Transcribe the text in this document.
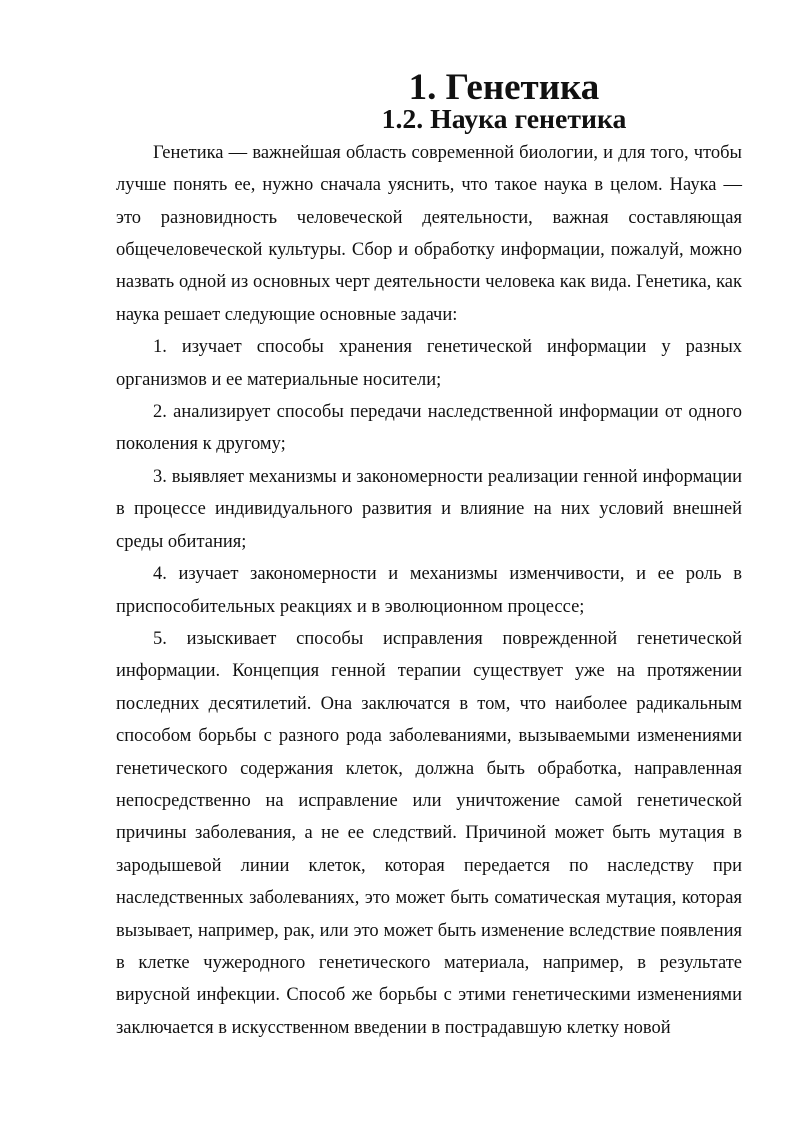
1. Генетика
1.2. Наука генетика

Генетика — важнейшая область современной биологии, и для того, чтобы лучше понять ее, нужно сначала уяснить, что такое наука в целом. Наука — это разновидность человеческой деятельности, важная составляющая общечеловеческой культуры. Сбор и обработку информации, пожалуй, можно назвать одной из основных черт деятельности человека как вида. Генетика, как наука решает следующие основные задачи:

1. изучает способы хранения генетической информации у разных организмов и ее материальные носители;

2. анализирует способы передачи наследственной информации от одного поколения к другому;

3. выявляет механизмы и закономерности реализации генной информации в процессе индивидуального развития и влияние на них условий внешней среды обитания;

4. изучает закономерности и механизмы изменчивости, и ее роль в приспособительных реакциях и в эволюционном процессе;

5. изыскивает способы исправления поврежденной генетической информации. Концепция генной терапии существует уже на протяжении последних десятилетий. Она заключатся в том, что наиболее радикальным способом борьбы с разного рода заболеваниями, вызываемыми изменениями генетического содержания клеток, должна быть обработка, направленная непосредственно на исправление или уничтожение самой генетической причины заболевания, а не ее следствий. Причиной может быть мутация в зародышевой линии клеток, которая передается по наследству при наследственных заболеваниях, это может быть соматическая мутация, которая вызывает, например, рак, или это может быть изменение вследствие появления в клетке чужеродного генетического материала, например, в результате вирусной инфекции. Способ же борьбы с этими генетическими изменениями заключается в искусственном введении в пострадавшую клетку новой
